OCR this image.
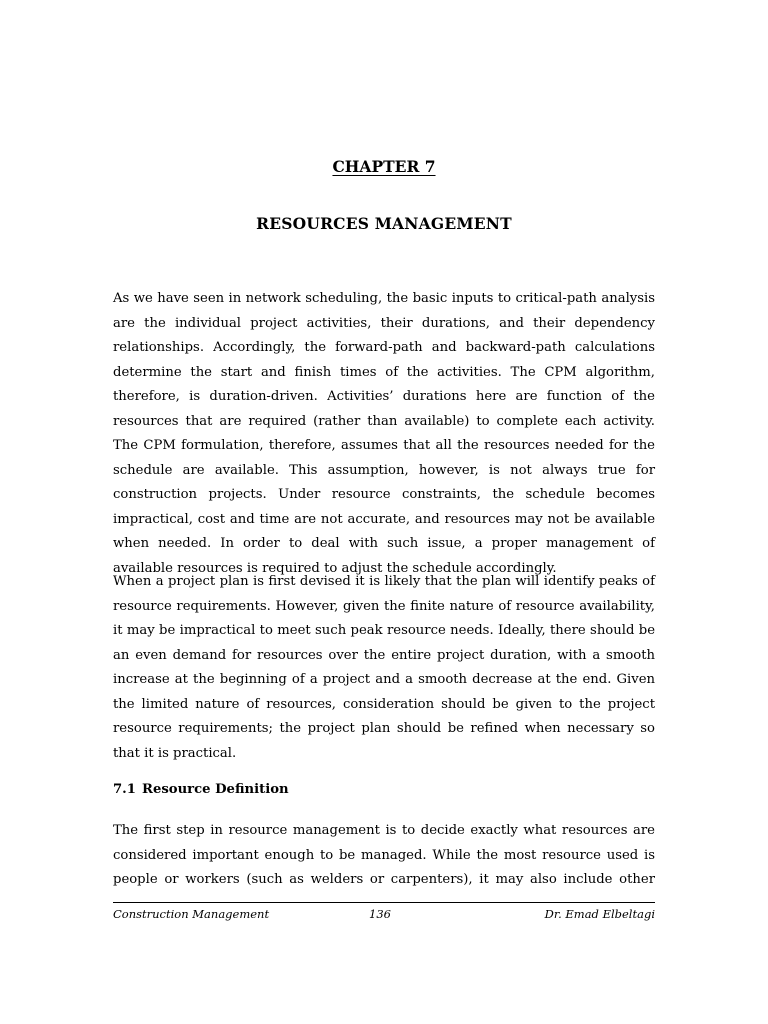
CHAPTER 7
RESOURCES MANAGEMENT

As we have seen in network scheduling, the basic inputs to critical-path analysis are the individual project activities, their durations, and their dependency relationships. Accordingly, the forward-path and backward-path calculations determine the start and finish times of the activities. The CPM algorithm, therefore, is duration-driven. Activities’ durations here are function of the resources that are required (rather than available) to complete each activity. The CPM formulation, therefore, assumes that all the resources needed for the schedule are available. This assumption, however, is not always true for construction projects. Under resource constraints, the schedule becomes impractical, cost and time are not accurate, and resources may not be available when needed. In order to deal with such issue, a proper management of available resources is required to adjust the schedule accordingly.

When a project plan is first devised it is likely that the plan will identify peaks of resource requirements. However, given the finite nature of resource availability, it may be impractical to meet such peak resource needs. Ideally, there should be an even demand for resources over the entire project duration, with a smooth increase at the beginning of a project and a smooth decrease at the end. Given the limited nature of resources, consideration should be given to the project resource requirements; the project plan should be refined when necessary so that it is practical.

7.1 Resource Definition

The first step in resource management is to decide exactly what resources are considered important enough to be managed. While the most resource used is people or workers (such as welders or carpenters), it may also include other

Construction Management	136	Dr. Emad Elbeltagi
